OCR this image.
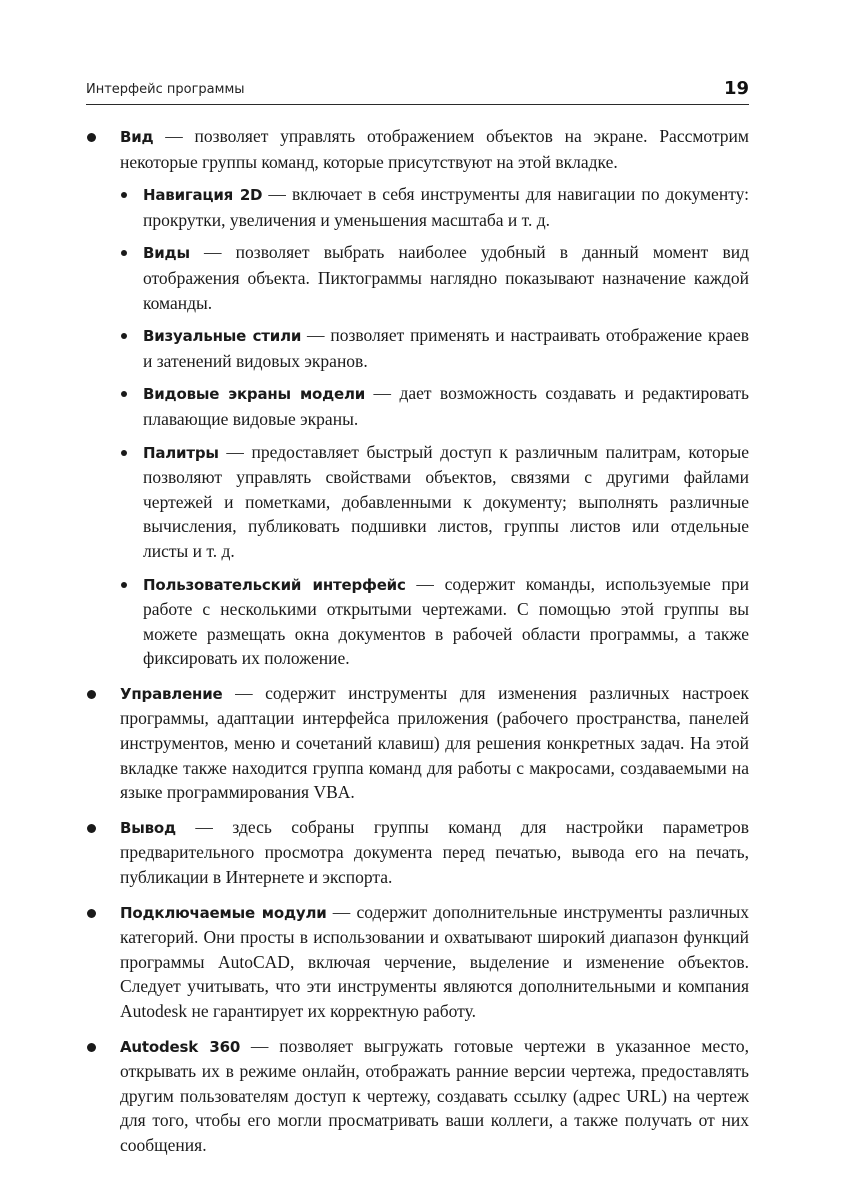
Интерфейс программы	19
Вид — позволяет управлять отображением объектов на экране. Рассмотрим некоторые группы команд, которые присутствуют на этой вкладке.
Навигация 2D — включает в себя инструменты для навигации по документу: прокрутки, увеличения и уменьшения масштаба и т. д.
Виды — позволяет выбрать наиболее удобный в данный момент вид отображения объекта. Пиктограммы наглядно показывают назначение каждой команды.
Визуальные стили — позволяет применять и настраивать отображение краев и затенений видовых экранов.
Видовые экраны модели — дает возможность создавать и редактировать плавающие видовые экраны.
Палитры — предоставляет быстрый доступ к различным палитрам, которые позволяют управлять свойствами объектов, связями с другими файлами чертежей и пометками, добавленными к документу; выполнять различные вычисления, публиковать подшивки листов, группы листов или отдельные листы и т. д.
Пользовательский интерфейс — содержит команды, используемые при работе с несколькими открытыми чертежами. С помощью этой группы вы можете размещать окна документов в рабочей области программы, а также фиксировать их положение.
Управление — содержит инструменты для изменения различных настроек программы, адаптации интерфейса приложения (рабочего пространства, панелей инструментов, меню и сочетаний клавиш) для решения конкретных задач. На этой вкладке также находится группа команд для работы с макросами, создаваемыми на языке программирования VBA.
Вывод — здесь собраны группы команд для настройки параметров предварительного просмотра документа перед печатью, вывода его на печать, публикации в Интернете и экспорта.
Подключаемые модули — содержит дополнительные инструменты различных категорий. Они просты в использовании и охватывают широкий диапазон функций программы AutoCAD, включая черчение, выделение и изменение объектов. Следует учитывать, что эти инструменты являются дополнительными и компания Autodesk не гарантирует их корректную работу.
Autodesk 360 — позволяет выгружать готовые чертежи в указанное место, открывать их в режиме онлайн, отображать ранние версии чертежа, предоставлять другим пользователям доступ к чертежу, создавать ссылку (адрес URL) на чертеж для того, чтобы его могли просматривать ваши коллеги, а также получать от них сообщения.
